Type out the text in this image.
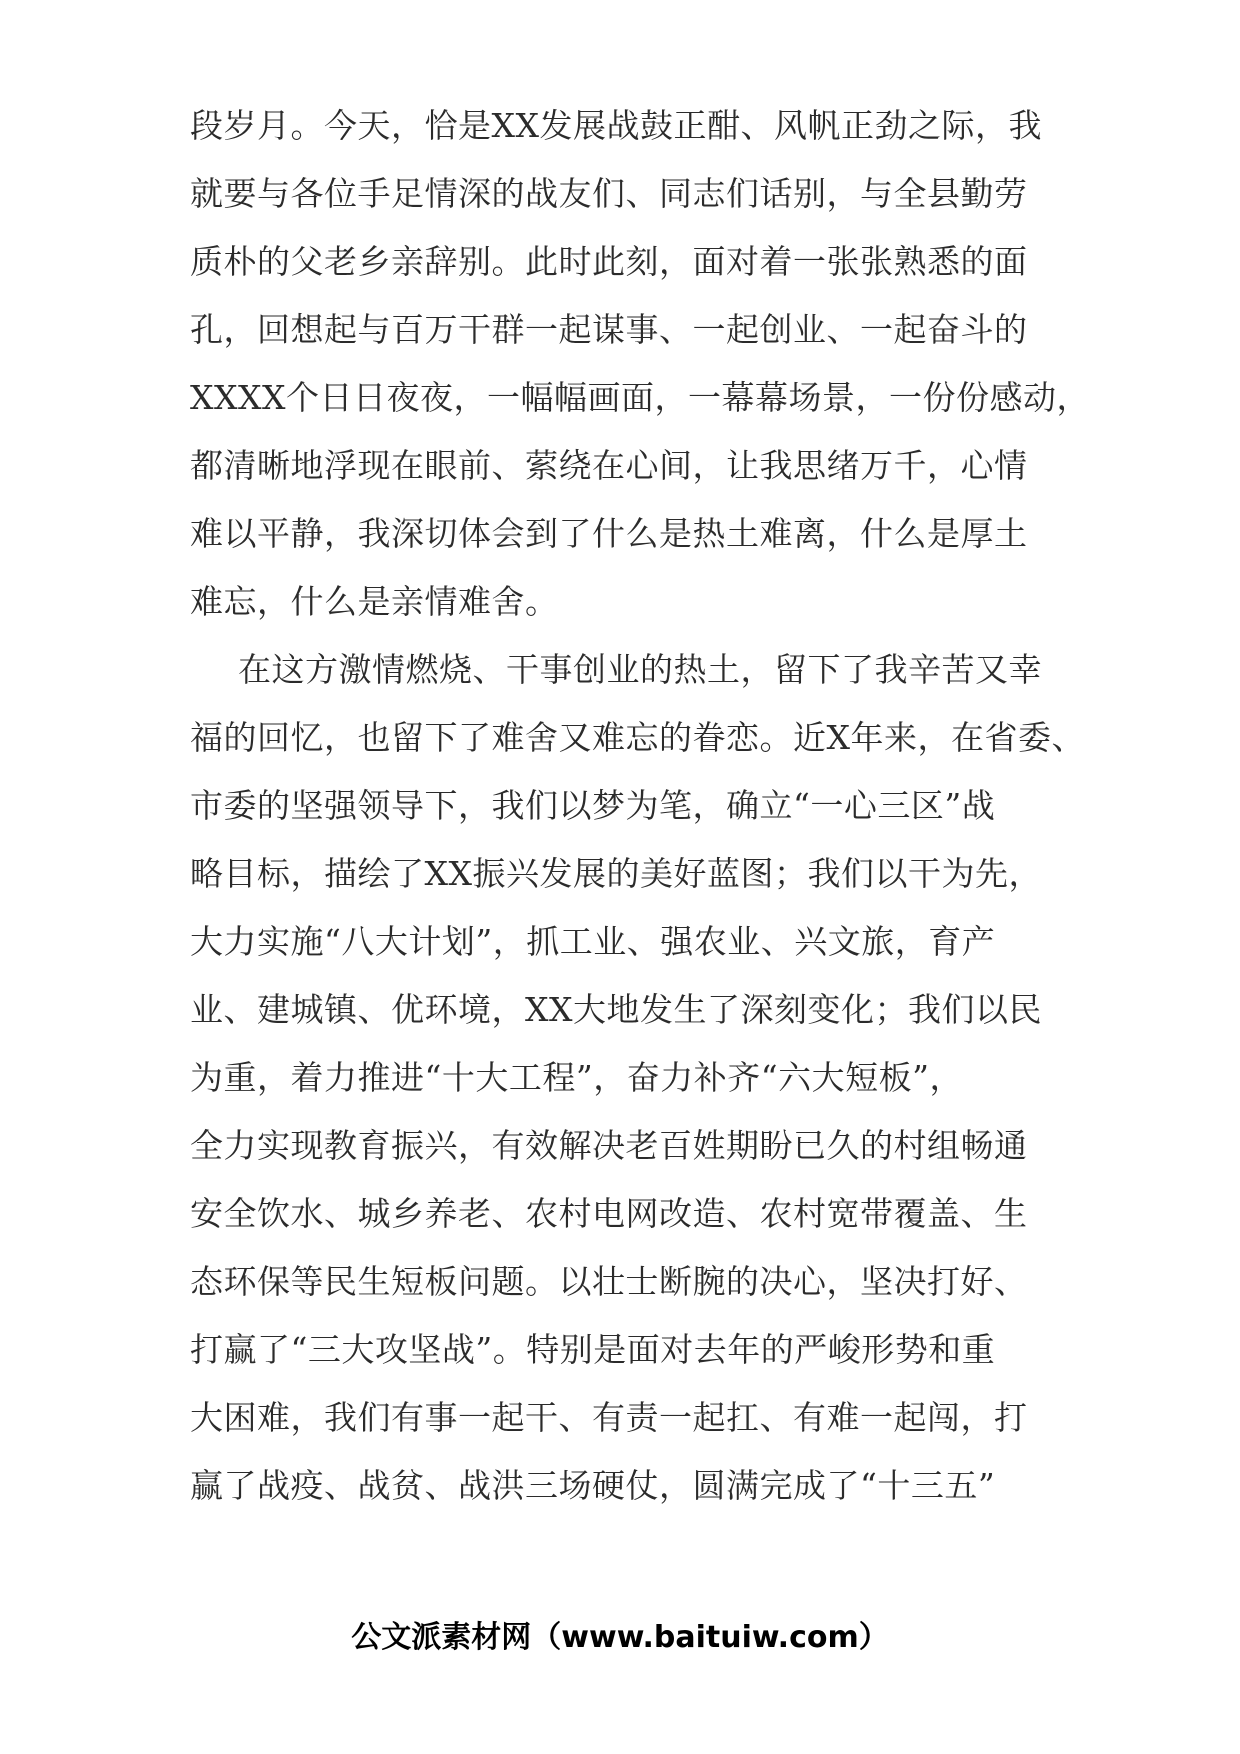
段岁月。今天，恰是XX发展战鼓正酣、风帆正劲之际，我
就要与各位手足情深的战友们、同志们话别，与全县勤劳
质朴的父老乡亲辞别。此时此刻，面对着一张张熟悉的面
孔，回想起与百万干群一起谋事、一起创业、一起奋斗的
XXXX个日日夜夜，一幅幅画面，一幕幕场景，一份份感动，
都清晰地浮现在眼前、萦绕在心间，让我思绪万千，心情
难以平静，我深切体会到了什么是热土难离，什么是厚土
难忘，什么是亲情难舍。
在这方激情燃烧、干事创业的热土，留下了我辛苦又幸
福的回忆，也留下了难舍又难忘的眷恋。近X年来，在省委、
市委的坚强领导下，我们以梦为笔，确立“一心三区”战
略目标，描绘了XX振兴发展的美好蓝图；我们以干为先，
大力实施“八大计划”，抓工业、强农业、兴文旅，育产
业、建城镇、优环境，XX大地发生了深刻变化；我们以民
为重，着力推进“十大工程”，奋力补齐“六大短板”，
全力实现教育振兴，有效解决老百姓期盼已久的村组畅通
安全饮水、城乡养老、农村电网改造、农村宽带覆盖、生
态环保等民生短板问题。以壮士断腕的决心，坚决打好、
打赢了“三大攻坚战”。特别是面对去年的严峻形势和重
大困难，我们有事一起干、有责一起扛、有难一起闯，打
赢了战疫、战贫、战洪三场硬仗，圆满完成了“十三五”
公文派素材网（www.baituiw.com）
